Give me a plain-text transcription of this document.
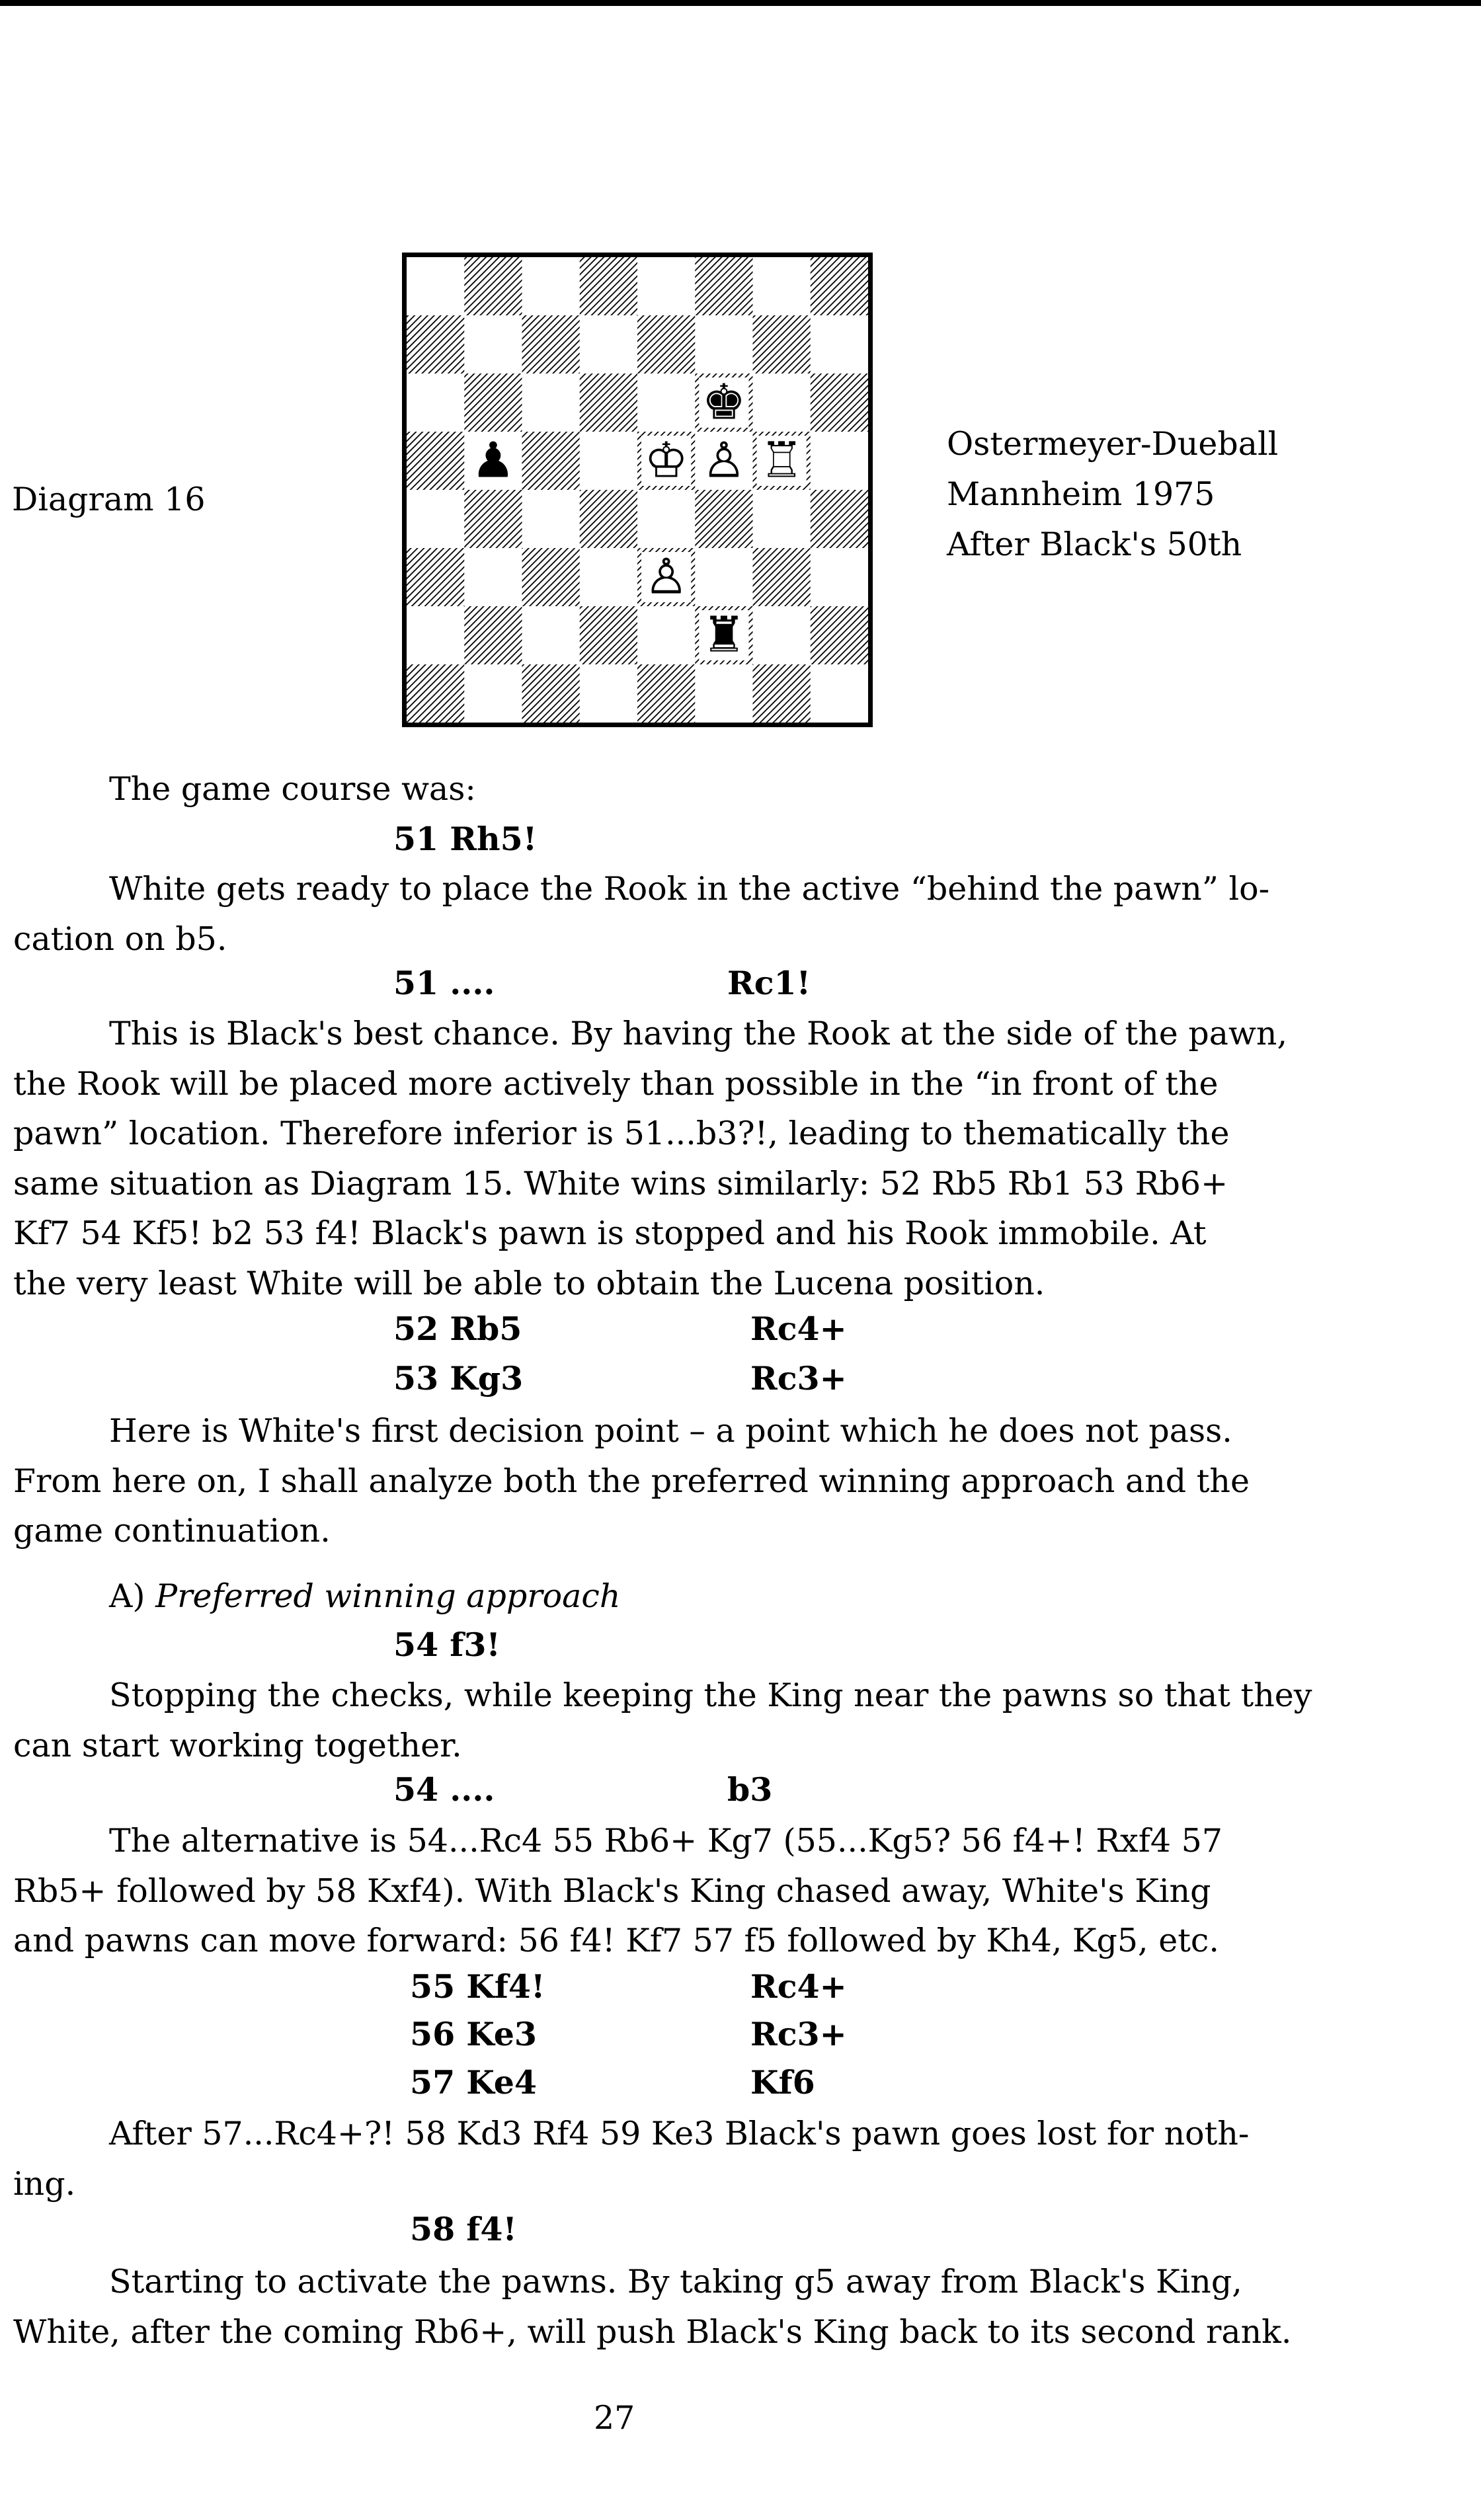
Diagram 16
♚
♟	♔ ♙ ♖
♙
♜
Ostermeyer-Dueball
Mannheim 1975
After Black's 50th
The game course was:
51 Rh5!
White gets ready to place the Rook in the active “behind the pawn” lo-
cation on b5.
51 ....	Rc1!
This is Black's best chance. By having the Rook at the side of the pawn,
the Rook will be placed more actively than possible in the “in front of the
pawn” location. Therefore inferior is 51...b3?!, leading to thematically the
same situation as Diagram 15. White wins similarly: 52 Rb5 Rb1 53 Rb6+
Kf7 54 Kf5! b2 53 f4! Black's pawn is stopped and his Rook immobile. At
the very least White will be able to obtain the Lucena position.
52 Rb5	Rc4+
53 Kg3	Rc3+
Here is White's first decision point – a point which he does not pass.
From here on, I shall analyze both the preferred winning approach and the
game continuation.
A) Preferred winning approach
54 f3!
Stopping the checks, while keeping the King near the pawns so that they
can start working together.
54 ....	b3
The alternative is 54...Rc4 55 Rb6+ Kg7 (55...Kg5? 56 f4+! Rxf4 57
Rb5+ followed by 58 Kxf4). With Black's King chased away, White's King
and pawns can move forward: 56 f4! Kf7 57 f5 followed by Kh4, Kg5, etc.
55 Kf4!	Rc4+
56 Ke3	Rc3+
57 Ke4	Kf6
After 57...Rc4+?! 58 Kd3 Rf4 59 Ke3 Black's pawn goes lost for noth-
ing.
58 f4!
Starting to activate the pawns. By taking g5 away from Black's King,
White, after the coming Rb6+, will push Black's King back to its second rank.
27
